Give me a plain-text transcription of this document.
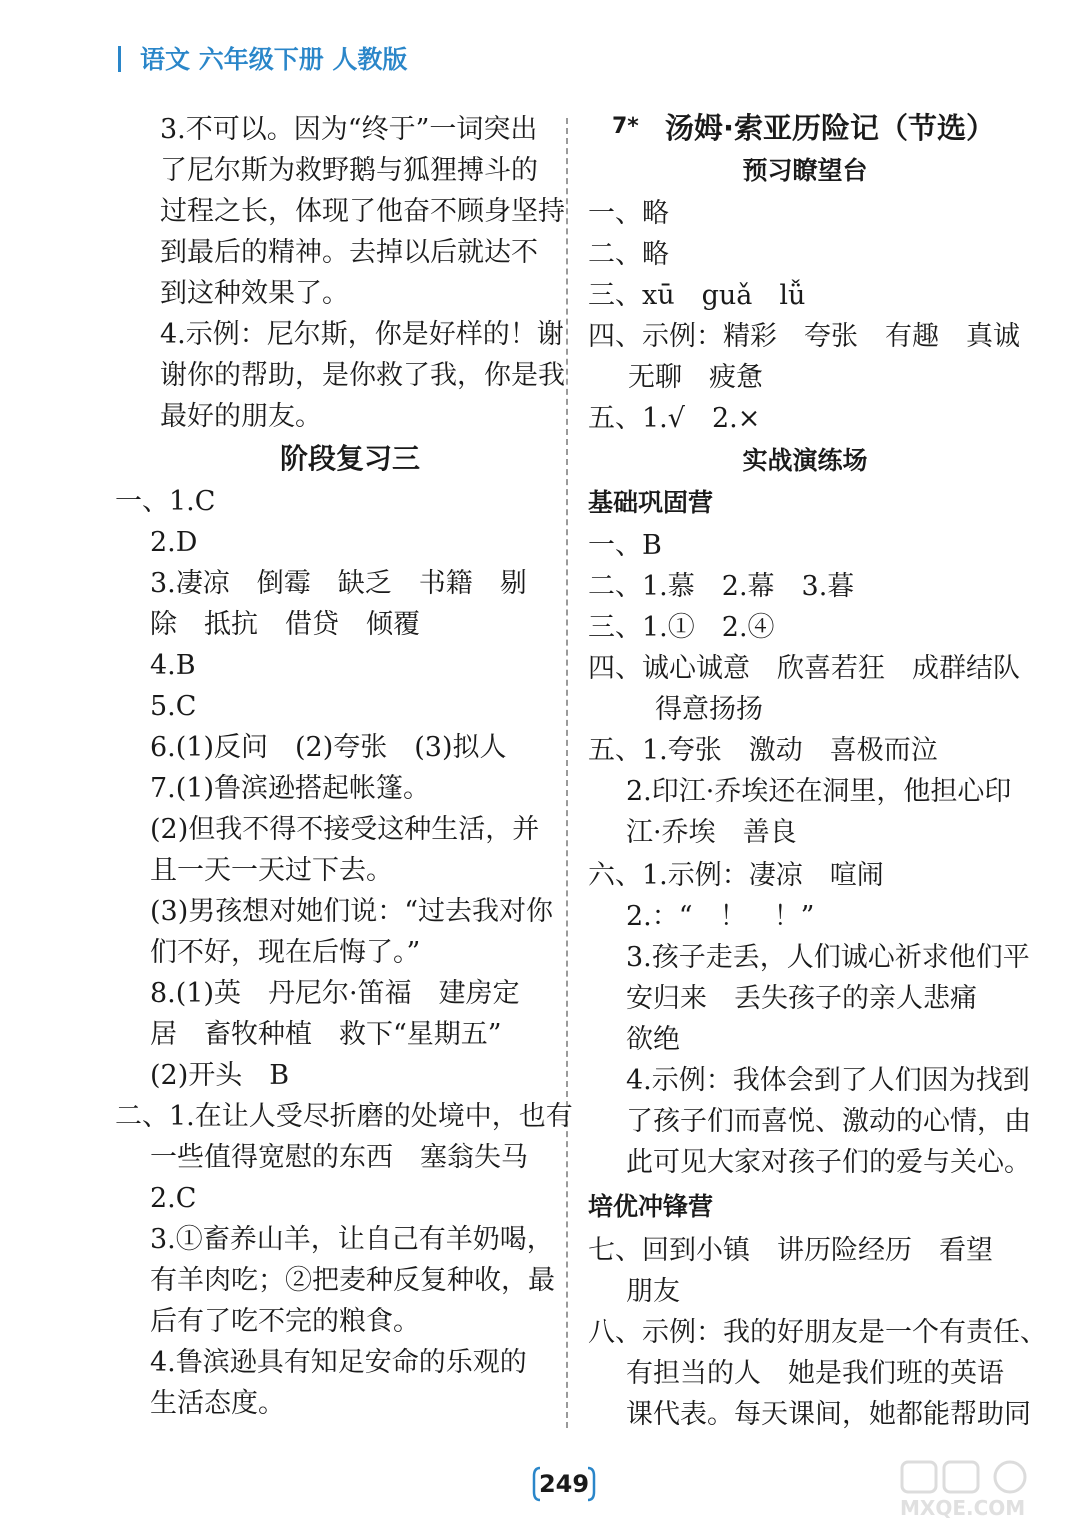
语文 六年级下册 人教版
3.不可以。因为“终于”一词突出
了尼尔斯为救野鹅与狐狸搏斗的
过程之长，体现了他奋不顾身坚持
到最后的精神。去掉以后就达不
到这种效果了。
4.示例：尼尔斯，你是好样的！谢
谢你的帮助，是你救了我，你是我
最好的朋友。
阶段复习三
一、1.C
2.D
3.凄凉　倒霉　缺乏　书籍　剔
除　抵抗　借贷　倾覆
4.B
5.C
6.(1)反问　(2)夸张　(3)拟人
7.(1)鲁滨逊搭起帐篷。
(2)但我不得不接受这种生活，并
且一天一天过下去。
(3)男孩想对她们说：“过去我对你
们不好，现在后悔了。”
8.(1)英　丹尼尔·笛福　建房定
居　畜牧种植　救下“星期五”
(2)开头　B
二、1.在让人受尽折磨的处境中，也有
一些值得宽慰的东西　塞翁失马
2.C
3.①畜养山羊，让自己有羊奶喝，
有羊肉吃；②把麦种反复种收，最
后有了吃不完的粮食。
4.鲁滨逊具有知足安命的乐观的
生活态度。
7* 汤姆·索亚历险记（节选）
预习瞭望台
一、略
二、略
三、xū　guǎ　lǚ
四、示例：精彩　夸张　有趣　真诚
无聊　疲惫
五、1.√　2.×
实战演练场
基础巩固营
一、B
二、1.慕　2.幕　3.暮
三、1.①　2.④
四、诚心诚意　欣喜若狂　成群结队
得意扬扬
五、1.夸张　激动　喜极而泣
2.印江·乔埃还在洞里，他担心印
江·乔埃　善良
六、1.示例：凄凉　喧闹
2.：“　！　！”
3.孩子走丢，人们诚心祈求他们平
安归来　丢失孩子的亲人悲痛
欲绝
4.示例：我体会到了人们因为找到
了孩子们而喜悦、激动的心情，由
此可见大家对孩子们的爱与关心。
培优冲锋营
七、回到小镇　讲历险经历　看望
朋友
八、示例：我的好朋友是一个有责任、
有担当的人　她是我们班的英语
课代表。每天课间，她都能帮助同
249
MXQE.COM
